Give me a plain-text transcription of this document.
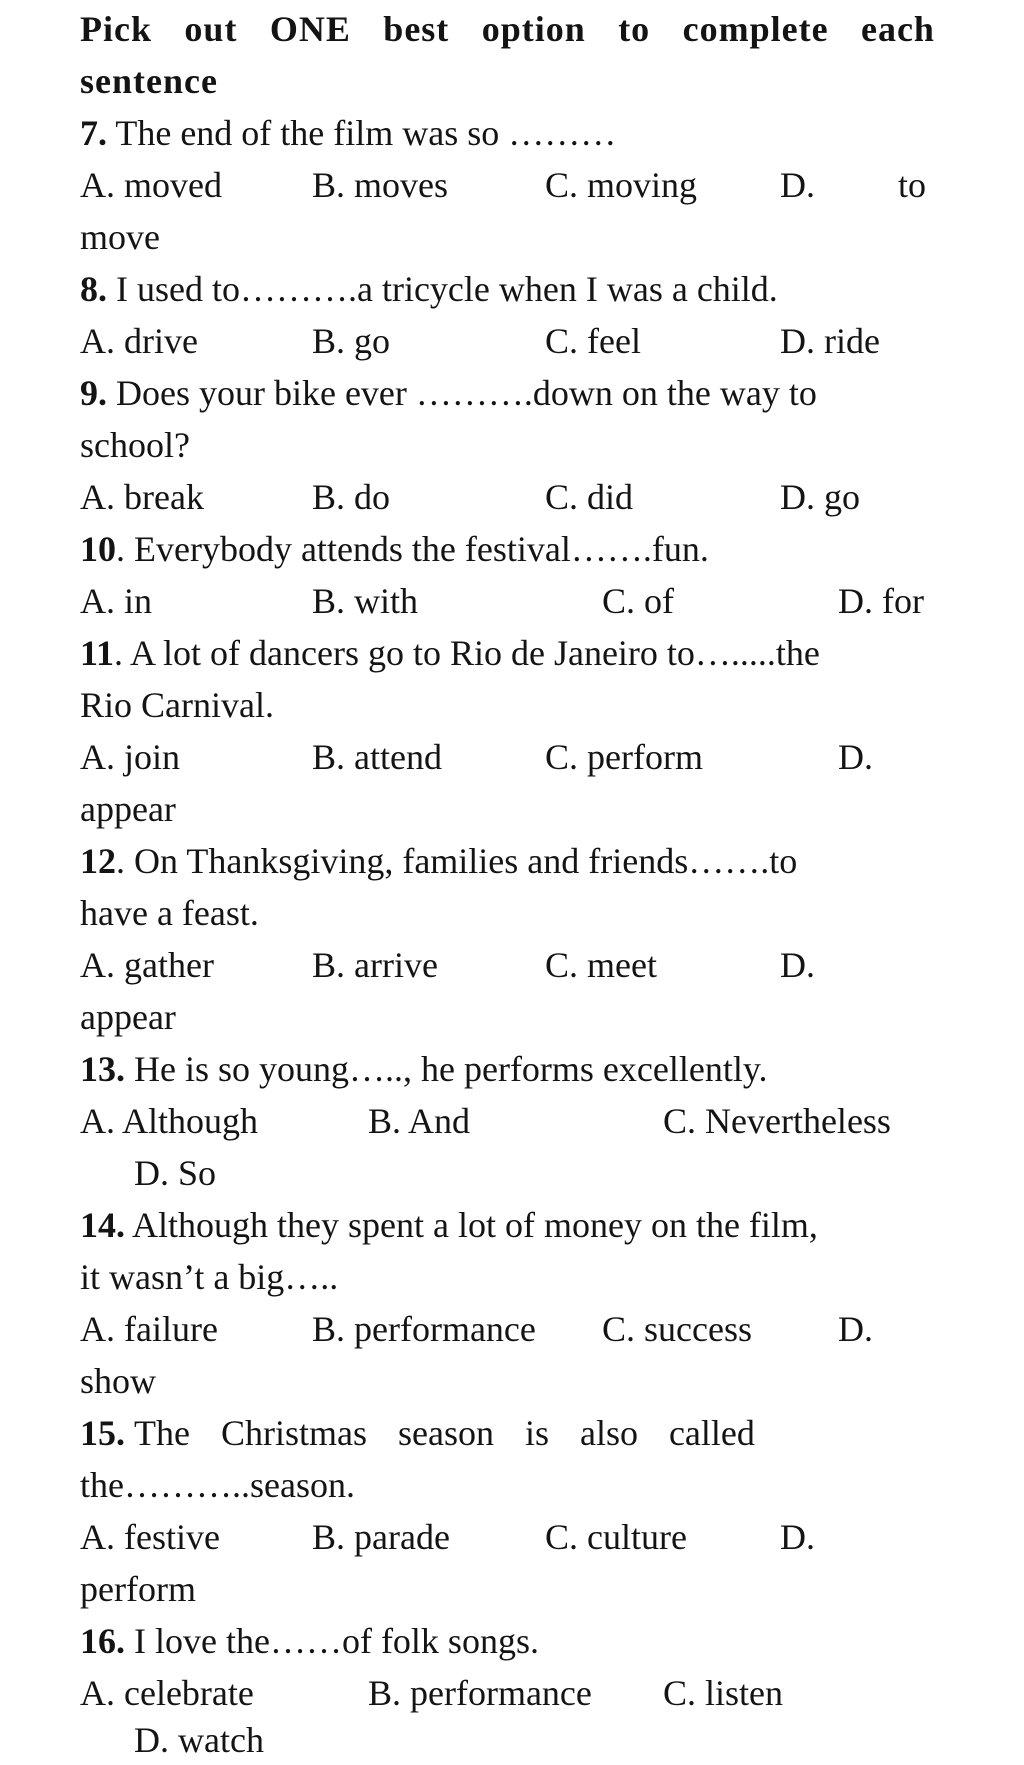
Pick out ONE best option to complete each
sentence
7. The end of the film was so ………
A. moved	B. moves	C. moving D. to
move
8. I used to……….a tricycle when I was a child.
A. drive	B. go	C. feel	D. ride
9. Does your bike ever ……….down on the way to
school?
A. break	B. do	C. did	D. go
10. Everybody attends the festival…….fun.
A. in	B. with	C. of	D. for
11. A lot of dancers go to Rio de Janeiro to….....the
Rio Carnival.
A. join	B. attend	C. perform	D.
appear
12. On Thanksgiving, families and friends…….to
have a feast.
A. gather	B. arrive	C. meet	D.
appear
13. He is so young….., he performs excellently.
A. Although	B. And	C. Nevertheless
D. So
14. Although they spent a lot of money on the film,
it wasn’t a big…..
A. failure	B. performance C. success D.
show
15. The Christmas season is also called
the………..season.
A. festive	B. parade	C. culture	D.
perform
16. I love the……of folk songs.
A. celebrate	B. performance C. listen
D. watch
